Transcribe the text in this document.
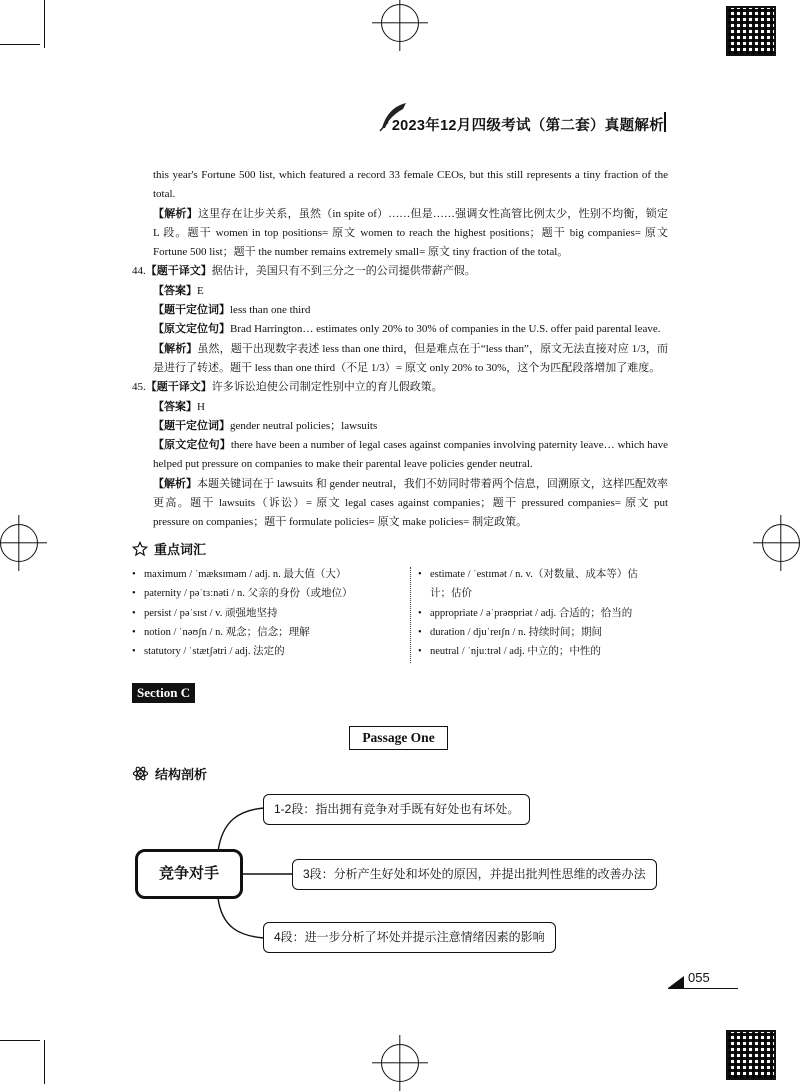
2023年12月四级考试（第二套）真题解析

this year's Fortune 500 list, which featured a record 33 female CEOs, but this still represents a tiny fraction of the total.

【解析】这里存在让步关系，虽然（in spite of）……但是……强调女性高管比例太少，性别不均衡，锁定 L 段。题干 women in top positions= 原文 women to reach the highest positions；题干 big companies= 原文 Fortune 500 list；题干 the number remains extremely small= 原文 tiny fraction of the total。

44.【题干译文】据估计，美国只有不到三分之一的公司提供带薪产假。

【答案】E

【题干定位词】less than one third

【原文定位句】Brad Harrington… estimates only 20% to 30% of companies in the U.S. offer paid parental leave.

【解析】虽然，题干出现数字表述 less than one third，但是难点在于“less than”，原文无法直接对应 1/3，而是进行了转述。题干 less than one third（不足 1/3）= 原文 only 20% to 30%，这个为匹配段落增加了难度。

45.【题干译文】许多诉讼迫使公司制定性别中立的育儿假政策。

【答案】H

【题干定位词】gender neutral policies；lawsuits

【原文定位句】there have been a number of legal cases against companies involving paternity leave… which have helped put pressure on companies to make their parental leave policies gender neutral.

【解析】本题关键词在于 lawsuits 和 gender neutral，我们不妨同时带着两个信息，回溯原文，这样匹配效率更高。题干 lawsuits（诉讼）= 原文 legal cases against companies；题干 pressured companies= 原文 put pressure on companies；题干 formulate policies= 原文 make policies= 制定政策。

重点词汇
• maximum / ˈmæksɪməm / adj. n. 最大值（大）
• paternity / pəˈtɜːnəti / n. 父亲的身份（或地位）
• persist / pəˈsɪst / v. 顽强地坚持
• notion / ˈnəʊʃn / n. 观念；信念；理解
• statutory / ˈstætʃətri / adj. 法定的
• estimate / ˈestɪmət / n. v.（对数量、成本等）估计；估价
• appropriate / əˈprəʊpriət / adj. 合适的；恰当的
• duration / djuˈreɪʃn / n. 持续时间；期间
• neutral / ˈnjuːtrəl / adj. 中立的；中性的
Section C
Passage One
结构剖析
竞争对手
1-2段：指出拥有竞争对手既有好处也有坏处。
3段：分析产生好处和坏处的原因，并提出批判性思维的改善办法
4段：进一步分析了坏处并提示注意情绪因素的影响
055
